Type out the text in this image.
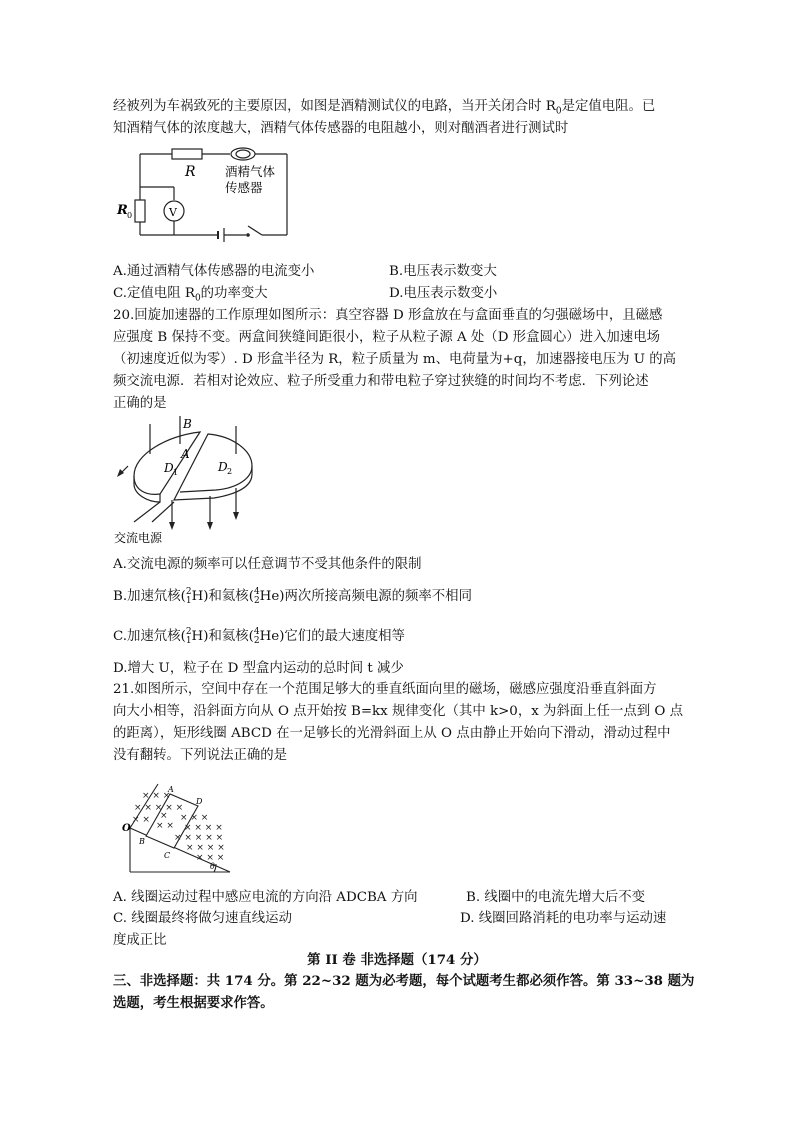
经被列为车祸致死的主要原因，如图是酒精测试仪的电路，当开关闭合时 $R_0$是定值电阻。已
知酒精气体的浓度越大，酒精气体传感器的电阻越小，则对酗酒者进行测试时
R
R 0	V
酒精气体
传感器
A.通过酒精气体传感器的电流变小	B.电压表示数变大
C.定值电阻 $R_0$的功率变大	D.电压表示数变小
20.回旋加速器的工作原理如图所示：真空容器 D 形盒放在与盒面垂直的匀强磁场中，且磁感
应强度 B 保持不变。两盒间狭缝间距很小，粒子从粒子源 A 处（D 形盒圆心）进入加速电场
（初速度近似为零）. D 形盒半径为 R，粒子质量为 m、电荷量为+q，加速器接电压为 U 的高
频交流电源．若相对论效应、粒子所受重力和带电粒子穿过狭缝的时间均不考虑．下列论述
正确的是
B
A
D 1	D 2
交流电源
A.交流电源的频率可以任意调节不受其他条件的限制
B.加速氘核( 2
1 H)和氦核( 4
2 He)两次所接高频电源的频率不相同
C.加速氘核( 2
1 H)和氦核( 4
2 He)它们的最大速度相等
D.增大 U，粒子在 D 型盒内运动的总时间 t 减少
21.如图所示，空间中存在一个范围足够大的垂直纸面向里的磁场，磁感应强度沿垂直斜面方
向大小相等，沿斜面方向从 O 点开始按 B=kx 规律变化（其中 k>0，x 为斜面上任一点到 O 点
的距离），矩形线圈 ABCD 在一足够长的光滑斜面上从 O 点由静止开始向下滑动，滑动过程中
没有翻转。下列说法正确的是
× × ×
× × × × ×
× ×	× × ×
× × × ×
× × × × ×
× × × ×
× × ×
×
× ×
O
A
B
C
D
θ
A. 线圈运动过程中感应电流的方向沿 ADCBA 方向	B. 线圈中的电流先增大后不变
C. 线圈最终将做匀速直线运动	D. 线圈回路消耗的电功率与运动速
度成正比
第 II 卷 非选择题（174 分）
三、非选择题：共 174 分。第 22~32 题为必考题，每个试题考生都必须作答。第 33~38 题为
选题，考生根据要求作答。
